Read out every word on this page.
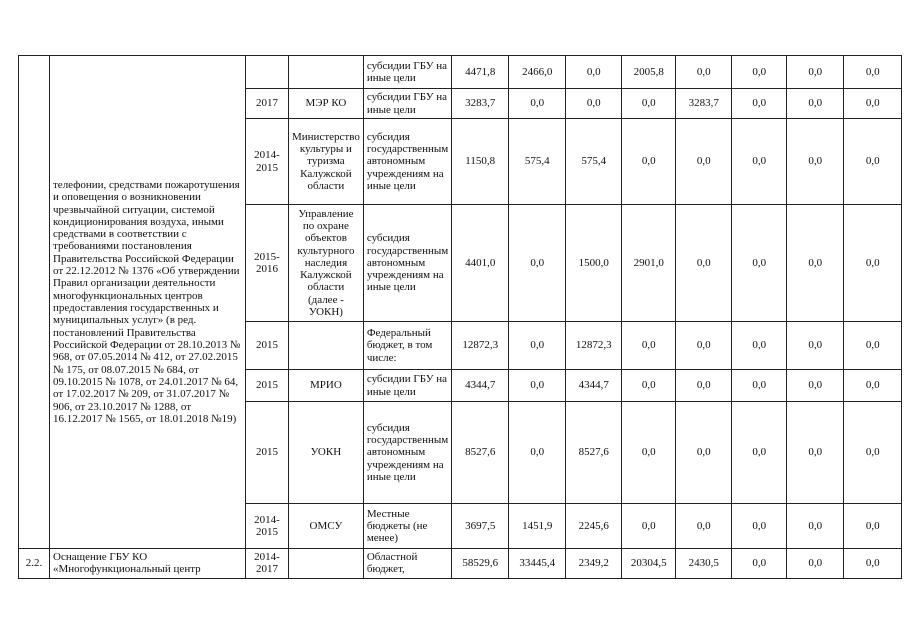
	телефонии, средствами пожаротушения и оповещения о возникновении чрезвычайной ситуации, системой кондиционирования воздуха, иными средствами в соответствии с требованиями постановления Правительства Российской Федерации от 22.12.2012 № 1376 «Об утверждении Правил организации деятельности многофункциональных центров предоставления государственных и муниципальных услуг» (в ред. постановлений Правительства Российской Федерации от 28.10.2013 № 968, от 07.05.2014 № 412, от 27.02.2015 № 175, от 08.07.2015 № 684, от 09.10.2015 № 1078, от 24.01.2017 № 64, от 17.02.2017 № 209, от 31.07.2017 № 906, от 23.10.2017 № 1288, от 16.12.2017 № 1565, от 18.01.2018 №19)			субсидии ГБУ на иные цели	4471,8	2466,0	0,0	2005,8	0,0	0,0	0,0	0,0
		2017	МЭР КО	субсидии ГБУ на иные цели	3283,7	0,0	0,0	0,0	3283,7	0,0	0,0	0,0
		2014-2015	Министерство культуры и туризма Калужской области	субсидия государственным автономным учреждениям на иные цели	1150,8	575,4	575,4	0,0	0,0	0,0	0,0	0,0
		2015-2016	Управление по охране объектов культурного наследия Калужской области (далее - УОКН)	субсидия государственным автономным учреждениям на иные цели	4401,0	0,0	1500,0	2901,0	0,0	0,0	0,0	0,0
		2015		Федеральный бюджет, в том числе:	12872,3	0,0	12872,3	0,0	0,0	0,0	0,0	0,0
		2015	МРИО	субсидии ГБУ на иные цели	4344,7	0,0	4344,7	0,0	0,0	0,0	0,0	0,0
		2015	УОКН	субсидия государственным автономным учреждениям на иные цели	8527,6	0,0	8527,6	0,0	0,0	0,0	0,0	0,0
		2014-2015	ОМСУ	Местные бюджеты (не менее)	3697,5	1451,9	2245,6	0,0	0,0	0,0	0,0	0,0
2.2.	Оснащение ГБУ КО «Многофункциональный центр	2014-2017		Областной бюджет,	58529,6	33445,4	2349,2	20304,5	2430,5	0,0	0,0	0,0
